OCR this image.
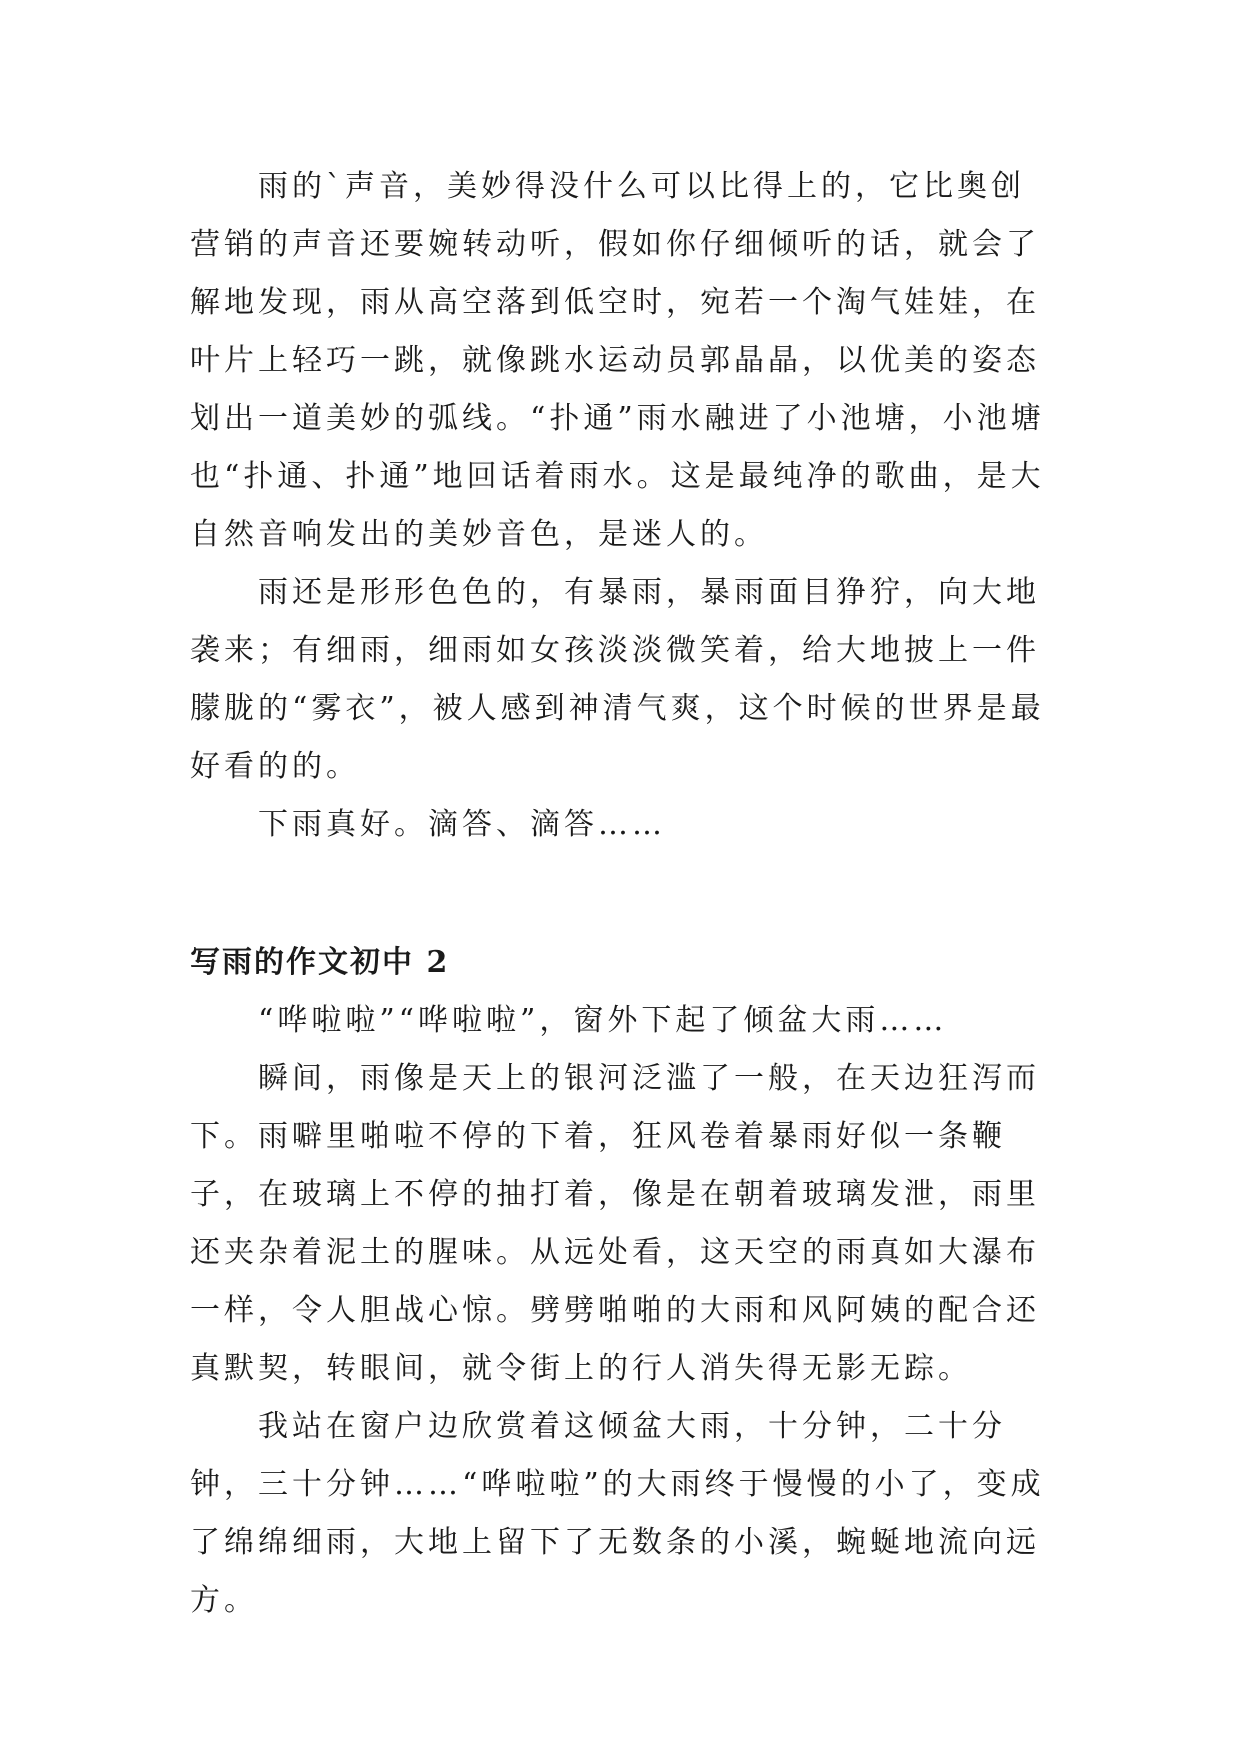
雨的`声音，美妙得没什么可以比得上的，它比奥创营销的声音还要婉转动听，假如你仔细倾听的话，就会了解地发现，雨从高空落到低空时，宛若一个淘气娃娃，在叶片上轻巧一跳，就像跳水运动员郭晶晶，以优美的姿态划出一道美妙的弧线。“扑通”雨水融进了小池塘，小池塘也“扑通、扑通”地回话着雨水。这是最纯净的歌曲，是大自然音响发出的美妙音色，是迷人的。

雨还是形形色色的，有暴雨，暴雨面目狰狞，向大地袭来；有细雨，细雨如女孩淡淡微笑着，给大地披上一件朦胧的“雾衣”，被人感到神清气爽，这个时候的世界是最好看的的。

下雨真好。滴答、滴答……

写雨的作文初中 2

“哗啦啦”“哗啦啦”，窗外下起了倾盆大雨……

瞬间，雨像是天上的银河泛滥了一般，在天边狂泻而下。雨噼里啪啦不停的下着，狂风卷着暴雨好似一条鞭子，在玻璃上不停的抽打着，像是在朝着玻璃发泄，雨里还夹杂着泥土的腥味。从远处看，这天空的雨真如大瀑布一样，令人胆战心惊。劈劈啪啪的大雨和风阿姨的配合还真默契，转眼间，就令街上的行人消失得无影无踪。

我站在窗户边欣赏着这倾盆大雨，十分钟，二十分钟，三十分钟……“哗啦啦”的大雨终于慢慢的小了，变成了绵绵细雨，大地上留下了无数条的小溪，蜿蜒地流向远方。
